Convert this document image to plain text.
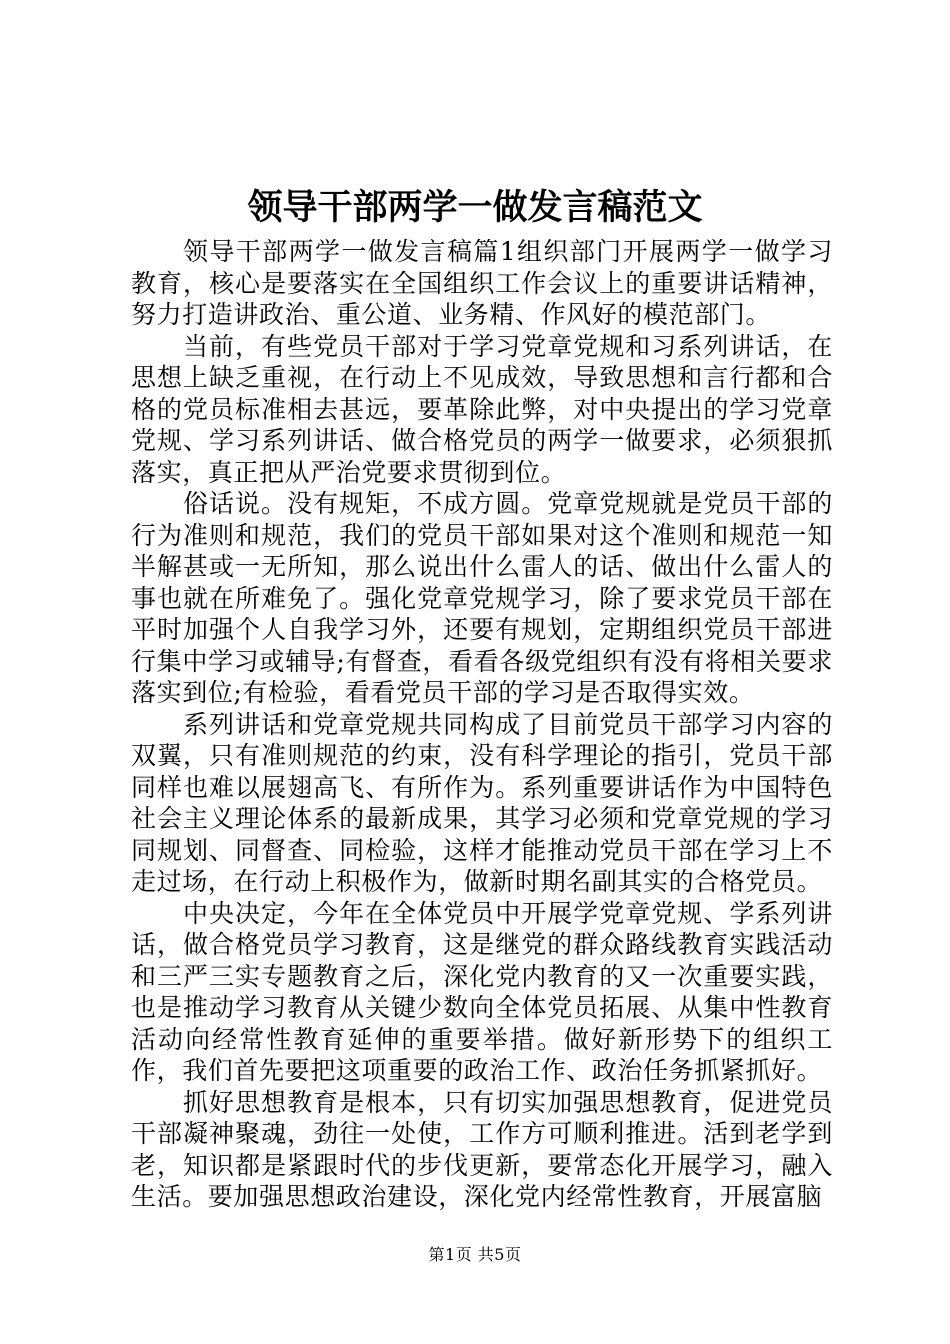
领导干部两学一做发言稿范文

领导干部两学一做发言稿篇1组织部门开展两学一做学习教育，核心是要落实在全国组织工作会议上的重要讲话精神，努力打造讲政治、重公道、业务精、作风好的模范部门。

当前，有些党员干部对于学习党章党规和习系列讲话，在思想上缺乏重视，在行动上不见成效，导致思想和言行都和合格的党员标准相去甚远，要革除此弊，对中央提出的学习党章党规、学习系列讲话、做合格党员的两学一做要求，必须狠抓落实，真正把从严治党要求贯彻到位。

俗话说。没有规矩，不成方圆。党章党规就是党员干部的行为准则和规范，我们的党员干部如果对这个准则和规范一知半解甚或一无所知，那么说出什么雷人的话、做出什么雷人的事也就在所难免了。强化党章党规学习，除了要求党员干部在平时加强个人自我学习外，还要有规划，定期组织党员干部进行集中学习或辅导;有督查，看看各级党组织有没有将相关要求落实到位;有检验，看看党员干部的学习是否取得实效。

系列讲话和党章党规共同构成了目前党员干部学习内容的双翼，只有准则规范的约束，没有科学理论的指引，党员干部同样也难以展翅高飞、有所作为。系列重要讲话作为中国特色社会主义理论体系的最新成果，其学习必须和党章党规的学习同规划、同督查、同检验，这样才能推动党员干部在学习上不走过场，在行动上积极作为，做新时期名副其实的合格党员。

中央决定，今年在全体党员中开展学党章党规、学系列讲话，做合格党员学习教育，这是继党的群众路线教育实践活动和三严三实专题教育之后，深化党内教育的又一次重要实践，也是推动学习教育从关键少数向全体党员拓展、从集中性教育活动向经常性教育延伸的重要举措。做好新形势下的组织工作，我们首先要把这项重要的政治工作、政治任务抓紧抓好。

抓好思想教育是根本，只有切实加强思想教育，促进党员干部凝神聚魂，劲往一处使，工作方可顺利推进。活到老学到老，知识都是紧跟时代的步伐更新，要常态化开展学习，融入生活。要加强思想政治建设，深化党内经常性教育，开展富脑

第1页 共5页
